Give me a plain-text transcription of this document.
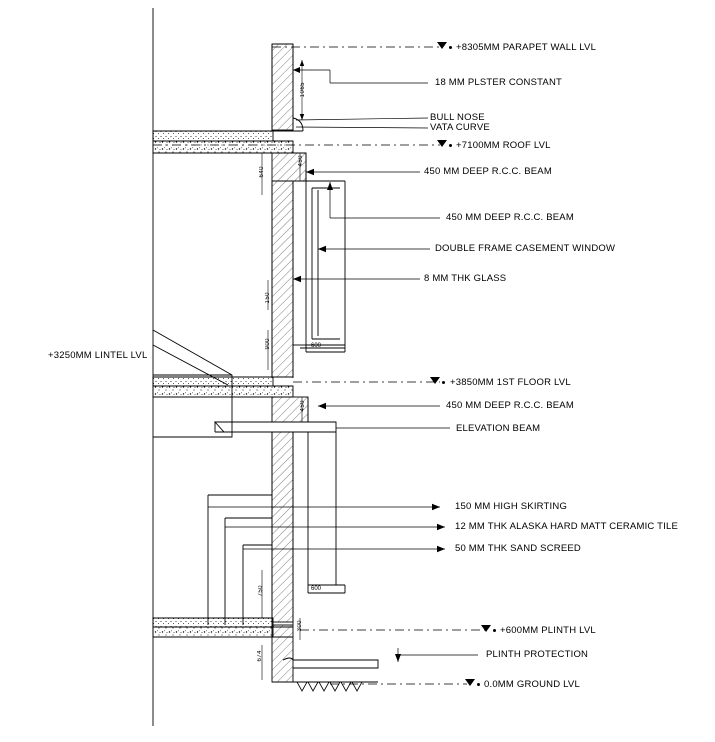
+8305MM PARAPET WALL LVL
18 MM PLSTER CONSTANT
BULL NOSE
VATA CURVE
+7100MM ROOF LVL
450 MM DEEP R.C.C. BEAM
450 MM DEEP R.C.C. BEAM
DOUBLE FRAME CASEMENT WINDOW
8 MM THK GLASS
+3250MM LINTEL LVL
+3850MM 1ST FLOOR LVL
450 MM DEEP R.C.C. BEAM
ELEVATION BEAM
150 MM HIGH SKIRTING
12 MM THK ALASKA HARD MATT CERAMIC TILE
50 MM THK SAND SCREED
+600MM PLINTH LVL
PLINTH PROTECTION
0.0MM GROUND LVL
1065
450
640
150
900	600
450
750	600
300
674
